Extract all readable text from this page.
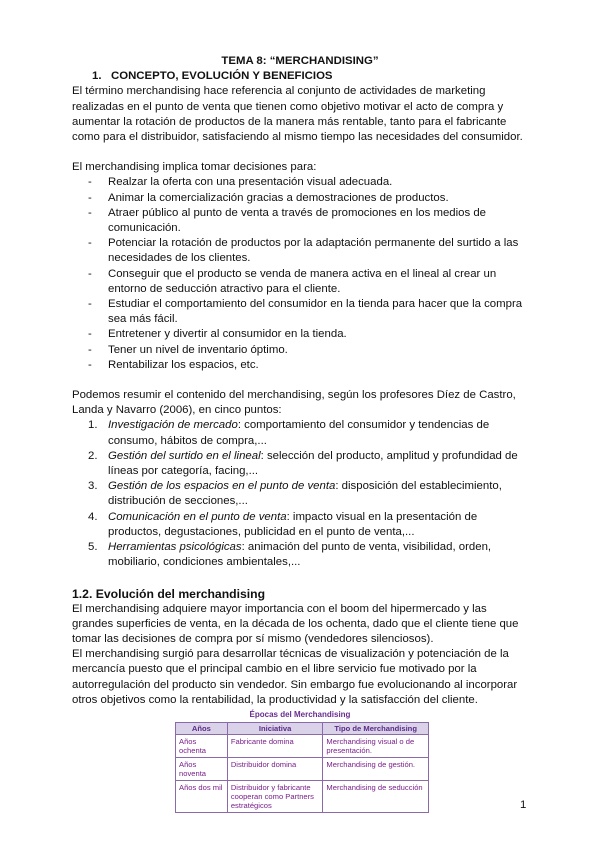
TEMA 8: “MERCHANDISING”

1. CONCEPTO, EVOLUCIÓN Y BENEFICIOS

El término merchandising hace referencia al conjunto de actividades de marketing realizadas en el punto de venta que tienen como objetivo motivar el acto de compra y aumentar la rotación de productos de la manera más rentable, tanto para el fabricante como para el distribuidor, satisfaciendo al mismo tiempo las necesidades del consumidor.

El merchandising implica tomar decisiones para:

- Realzar la oferta con una presentación visual adecuada.
- Animar la comercialización gracias a demostraciones de productos.
- Atraer público al punto de venta a través de promociones en los medios de comunicación.
- Potenciar la rotación de productos por la adaptación permanente del surtido a las necesidades de los clientes.
- Conseguir que el producto se venda de manera activa en el lineal al crear un entorno de seducción atractivo para el cliente.
- Estudiar el comportamiento del consumidor en la tienda para hacer que la compra sea más fácil.
- Entretener y divertir al consumidor en la tienda.
- Tener un nivel de inventario óptimo.
- Rentabilizar los espacios, etc.

Podemos resumir el contenido del merchandising, según los profesores Díez de Castro, Landa y Navarro (2006), en cinco puntos:

1. Investigación de mercado: comportamiento del consumidor y tendencias de consumo, hábitos de compra,...
2. Gestión del surtido en el lineal: selección del producto, amplitud y profundidad de líneas por categoría, facing,...
3. Gestión de los espacios en el punto de venta: disposición del establecimiento, distribución de secciones,...
4. Comunicación en el punto de venta: impacto visual en la presentación de productos, degustaciones, publicidad en el punto de venta,...
5. Herramientas psicológicas: animación del punto de venta, visibilidad, orden, mobiliario, condiciones ambientales,...

1.2. Evolución del merchandising

El merchandising adquiere mayor importancia con el boom del hipermercado y las grandes superficies de venta, en la década de los ochenta, dado que el cliente tiene que tomar las decisiones de compra por sí mismo (vendedores silenciosos).

El merchandising surgió para desarrollar técnicas de visualización y potenciación de la mercancía puesto que el principal cambio en el libre servicio fue motivado por la autorregulación del producto sin vendedor. Sin embargo fue evolucionando al incorporar otros objetivos como la rentabilidad, la productividad y la satisfacción del cliente.

Épocas del Merchandising
Años	Iniciativa	Tipo de Merchandising
Años ochenta	Fabricante domina	Merchandising visual o de presentación.
Años noventa	Distribuidor domina	Merchandising de gestión.
Años dos mil	Distribuidor y fabricante cooperan como Partners estratégicos	Merchandising de seducción
1
